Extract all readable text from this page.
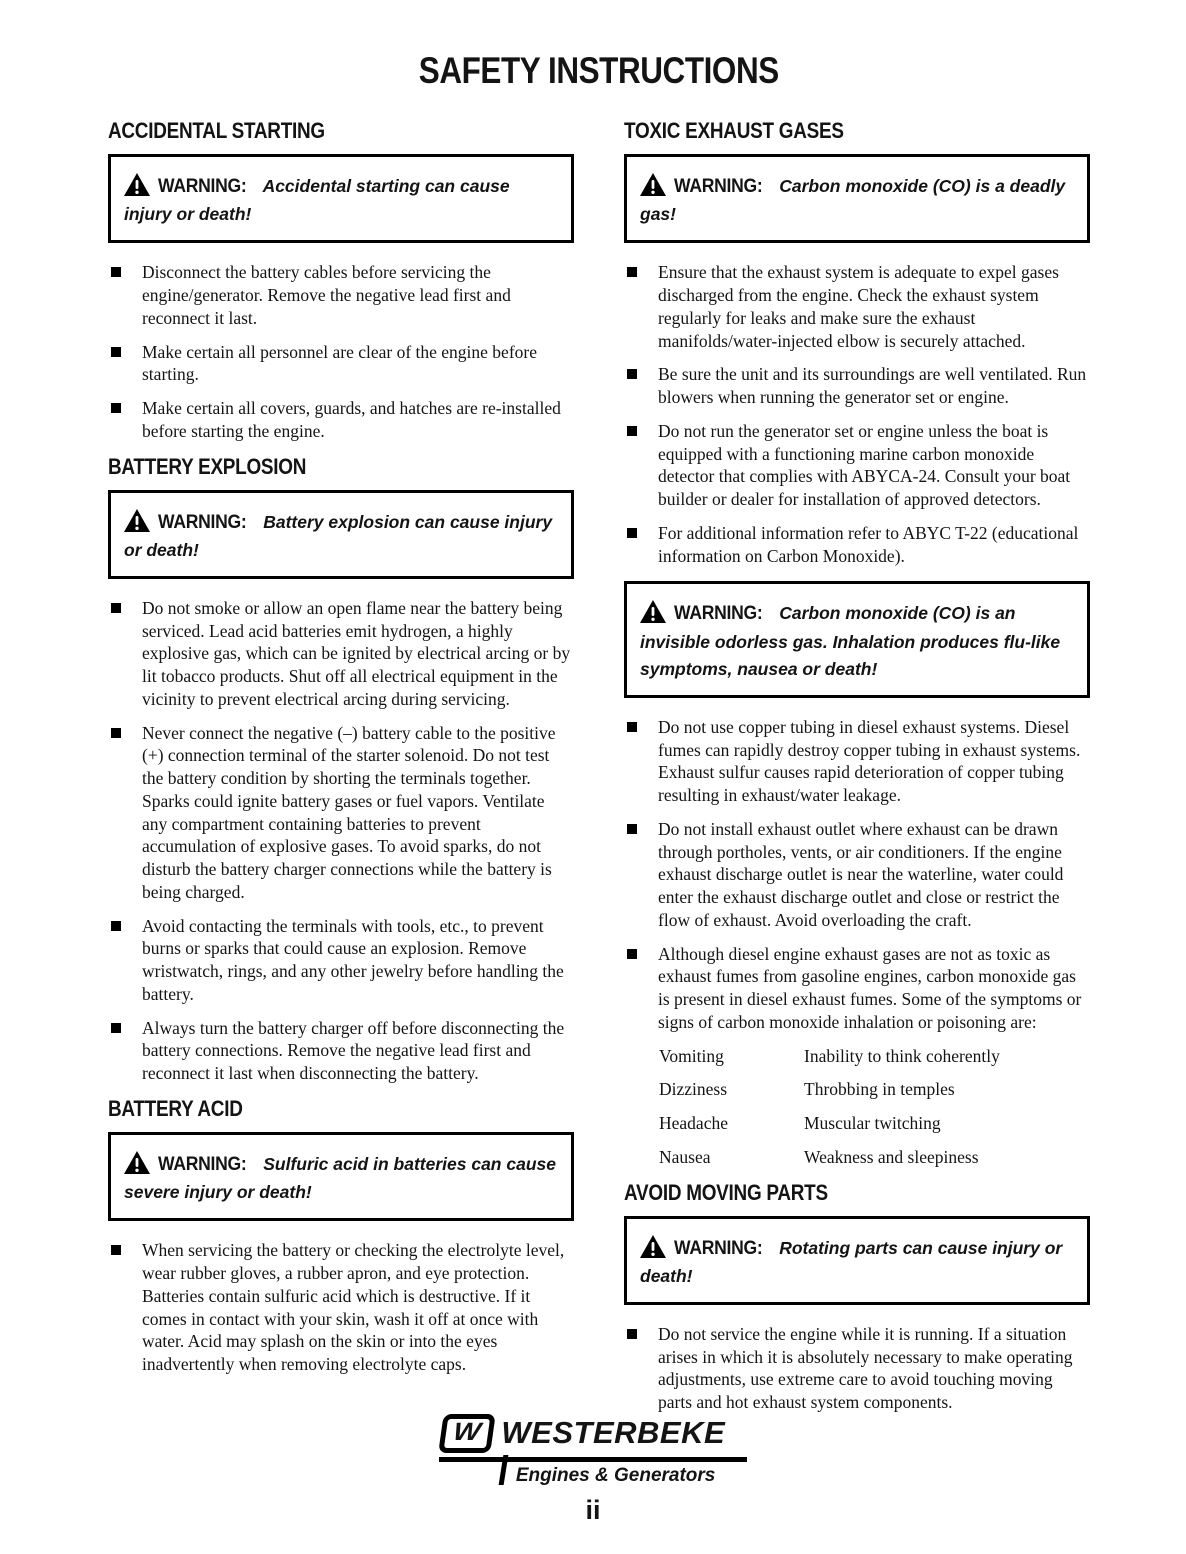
SAFETY INSTRUCTIONS
ACCIDENTAL STARTING
WARNING: Accidental starting can cause injury or death!
Disconnect the battery cables before servicing the engine/generator. Remove the negative lead first and reconnect it last.
Make certain all personnel are clear of the engine before starting.
Make certain all covers, guards, and hatches are re-installed before starting the engine.
BATTERY EXPLOSION
WARNING: Battery explosion can cause injury or death!
Do not smoke or allow an open flame near the battery being serviced. Lead acid batteries emit hydrogen, a highly explosive gas, which can be ignited by electrical arcing or by lit tobacco products. Shut off all electrical equipment in the vicinity to prevent electrical arcing during servicing.
Never connect the negative (–) battery cable to the positive (+) connection terminal of the starter solenoid. Do not test the battery condition by shorting the terminals together. Sparks could ignite battery gases or fuel vapors. Ventilate any compartment containing batteries to prevent accumulation of explosive gases. To avoid sparks, do not disturb the battery charger connections while the battery is being charged.
Avoid contacting the terminals with tools, etc., to prevent burns or sparks that could cause an explosion. Remove wristwatch, rings, and any other jewelry before handling the battery.
Always turn the battery charger off before disconnecting the battery connections. Remove the negative lead first and reconnect it last when disconnecting the battery.
BATTERY ACID
WARNING: Sulfuric acid in batteries can cause severe injury or death!
When servicing the battery or checking the electrolyte level, wear rubber gloves, a rubber apron, and eye protection. Batteries contain sulfuric acid which is destructive. If it comes in contact with your skin, wash it off at once with water. Acid may splash on the skin or into the eyes inadvertently when removing electrolyte caps.
TOXIC EXHAUST GASES
WARNING: Carbon monoxide (CO) is a deadly gas!
Ensure that the exhaust system is adequate to expel gases discharged from the engine. Check the exhaust system regularly for leaks and make sure the exhaust manifolds/water-injected elbow is securely attached.
Be sure the unit and its surroundings are well ventilated. Run blowers when running the generator set or engine.
Do not run the generator set or engine unless the boat is equipped with a functioning marine carbon monoxide detector that complies with ABYCA-24. Consult your boat builder or dealer for installation of approved detectors.
For additional information refer to ABYC T-22 (educational information on Carbon Monoxide).
WARNING: Carbon monoxide (CO) is an invisible odorless gas. Inhalation produces flu-like symptoms, nausea or death!
Do not use copper tubing in diesel exhaust systems. Diesel fumes can rapidly destroy copper tubing in exhaust systems. Exhaust sulfur causes rapid deterioration of copper tubing resulting in exhaust/water leakage.
Do not install exhaust outlet where exhaust can be drawn through portholes, vents, or air conditioners. If the engine exhaust discharge outlet is near the waterline, water could enter the exhaust discharge outlet and close or restrict the flow of exhaust. Avoid overloading the craft.
Although diesel engine exhaust gases are not as toxic as exhaust fumes from gasoline engines, carbon monoxide gas is present in diesel exhaust fumes. Some of the symptoms or signs of carbon monoxide inhalation or poisoning are:
Vomiting	Inability to think coherently
Dizziness	Throbbing in temples
Headache	Muscular twitching
Nausea	Weakness and sleepiness
AVOID MOVING PARTS
WARNING: Rotating parts can cause injury or death!
Do not service the engine while it is running. If a situation arises in which it is absolutely necessary to make operating adjustments, use extreme care to avoid touching moving parts and hot exhaust system components.
W WESTERBEKE
Engines & Generators
ii
